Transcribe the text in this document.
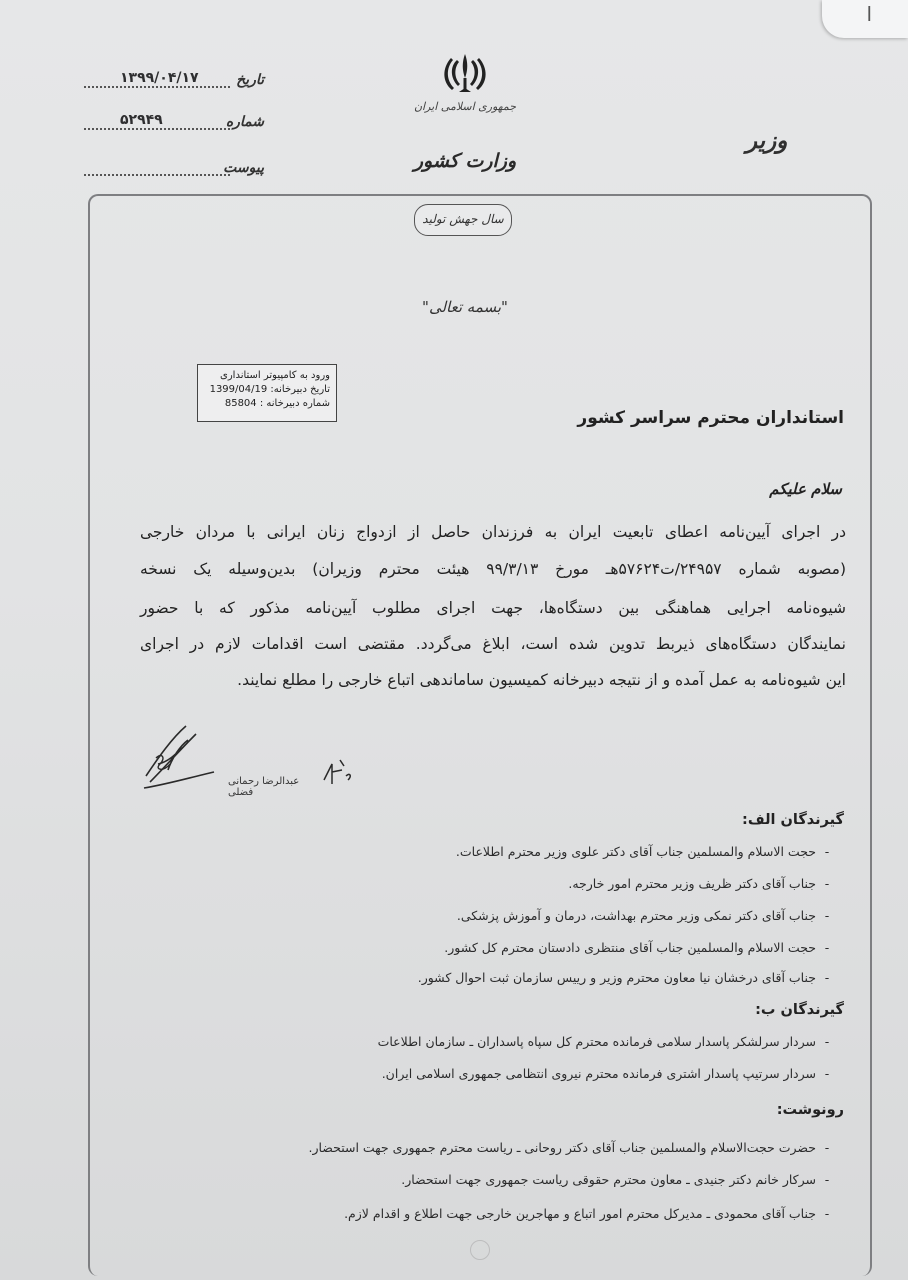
ا
تاریخ
۱۳۹۹/۰۴/۱۷
شماره
۵۲۹۴۹
پیوست
جمهوری اسلامی ایران
وزارت کشور
وزیر
سال جهش تولید
"بسمه تعالی"
ورود به کامپیوتر استانداری
تاریخ دبیرخانه: 1399/04/19
شماره دبیرخانه : 85804
استانداران محترم سراسر کشور
سلام علیکم
در اجرای آیین‌نامه اعطای تابعیت ایران به فرزندان حاصل از ازدواج زنان ایرانی با مردان خارجی
(مصوبه شماره ۲۴۹۵۷/ت۵۷۶۲۴هـ مورخ ۹۹/۳/۱۳ هیئت محترم وزیران) بدین‌وسیله یک نسخه
شیوه‌نامه اجرایی هماهنگی بین دستگاه‌ها، جهت اجرای مطلوب آیین‌نامه مذکور که با حضور
نمایندگان دستگاه‌های ذیربط تدوین شده است، ابلاغ می‌گردد. مقتضی است اقدامات لازم در اجرای
این شیوه‌نامه به عمل آمده و از نتیجه دبیرخانه کمیسیون ساماندهی اتباع خارجی را مطلع نمایند.
عبدالرضا رحمانی فضلی
گیرندگان الف:
-حجت الاسلام والمسلمین جناب آقای دکتر علوی وزیر محترم اطلاعات.
-جناب آقای دکتر ظریف وزیر محترم امور خارجه.
-جناب آقای دکتر نمکی وزیر محترم بهداشت، درمان و آموزش پزشکی.
-حجت الاسلام والمسلمین جناب آقای منتظری دادستان محترم کل کشور.
-جناب آقای درخشان نیا معاون محترم وزیر و رییس سازمان ثبت احوال کشور.
گیرندگان ب:
-سردار سرلشکر پاسدار سلامی فرمانده محترم کل سپاه پاسداران ـ سازمان اطلاعات
-سردار سرتیپ پاسدار اشتری فرمانده محترم نیروی انتظامی جمهوری اسلامی ایران.
رونوشت:
-حضرت حجت‌الاسلام والمسلمین جناب آقای دکتر روحانی ـ ریاست محترم جمهوری جهت استحضار.
-سرکار خانم دکتر جنیدی ـ معاون محترم حقوقی ریاست جمهوری جهت استحضار.
-جناب آقای محمودی ـ مدیرکل محترم امور اتباع و مهاجرین خارجی جهت اطلاع و اقدام لازم.
